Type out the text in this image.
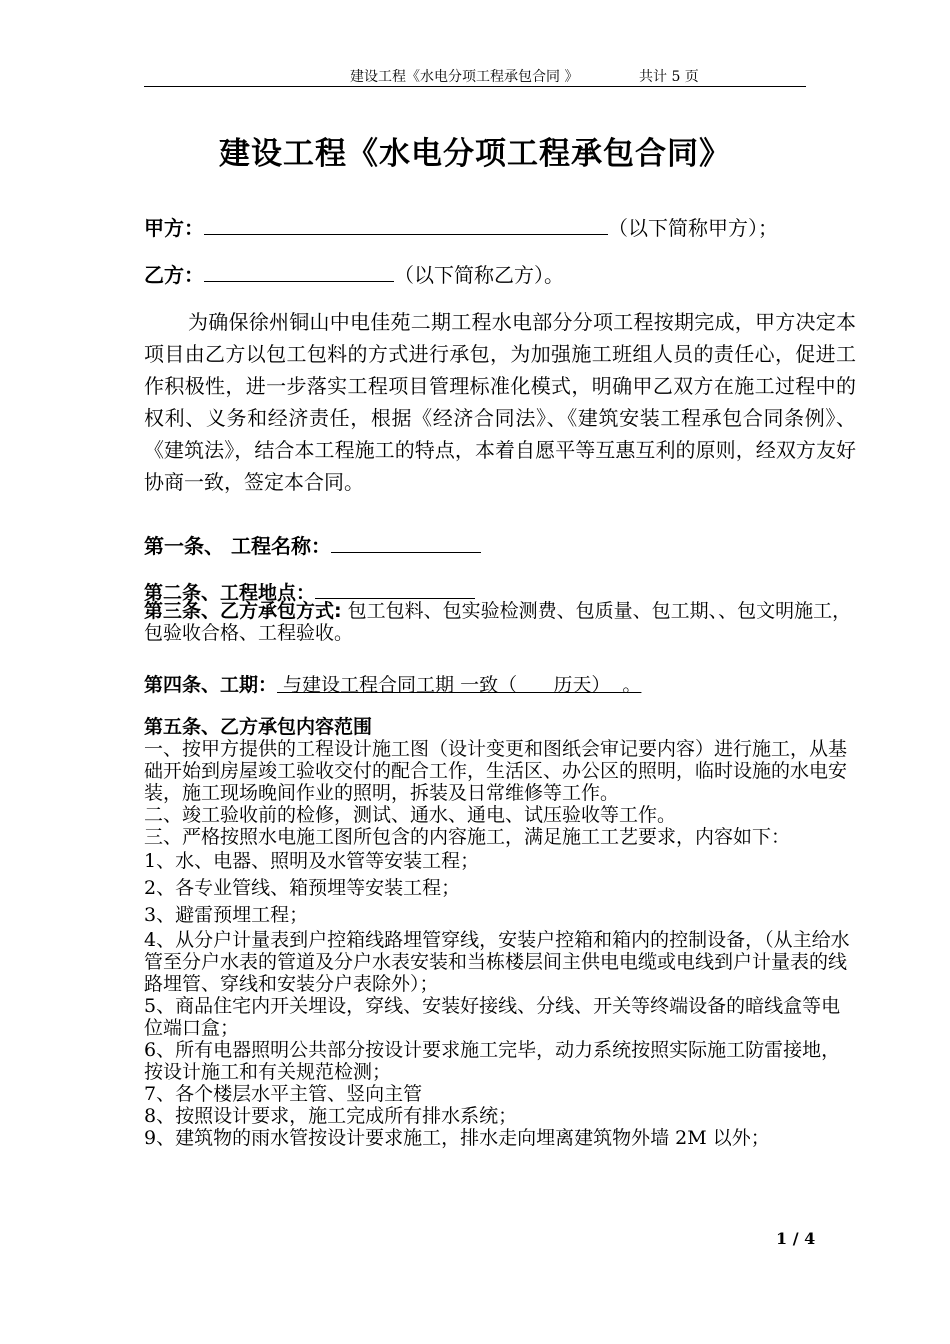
建设工程《水电分项工程承包合同 》	共计 5 页
建设工程《水电分项工程承包合同》
甲方：	（以下简称甲方）；
乙方：	（以下简称乙方）。
为确保徐州铜山中电佳苑二期工程水电部分分项工程按期完成，甲方决定本项目由乙方以包工包料的方式进行承包，为加强施工班组人员的责任心，促进工作积极性，进一步落实工程项目管理标准化模式，明确甲乙双方在施工过程中的权利、义务和经济责任，根据《经济合同法》、《建筑安装工程承包合同条例》、《建筑法》，结合本工程施工的特点，本着自愿平等互惠互利的原则，经双方友好协商一致，签定本合同。
第一条、 工程名称：
第二条、工程地点：
第三条、乙方承包方式: 包工包料、包实验检测费、包质量、包工期、、包文明施工，包验收合格、工程验收。
第四条、工期： 与建设工程合同工期 一致（      历天）  。
第五条、乙方承包内容范围
一、按甲方提供的工程设计施工图（设计变更和图纸会审记要内容）进行施工，从基础开始到房屋竣工验收交付的配合工作，生活区、办公区的照明，临时设施的水电安装，施工现场晚间作业的照明，拆装及日常维修等工作。
二、竣工验收前的检修，测试、通水、通电、试压验收等工作。
三、严格按照水电施工图所包含的内容施工，满足施工工艺要求，内容如下：
1、水、电器、照明及水管等安装工程；
2、各专业管线、箱预埋等安装工程；
3、避雷预埋工程；
4、从分户计量表到户控箱线路埋管穿线，安装户控箱和箱内的控制设备，（从主给水管至分户水表的管道及分户水表安装和当栋楼层间主供电电缆或电线到户计量表的线路埋管、穿线和安装分户表除外）；
5、商品住宅内开关埋设，穿线、安装好接线、分线、开关等终端设备的暗线盒等电位端口盒；
6、所有电器照明公共部分按设计要求施工完毕，动力系统按照实际施工防雷接地，按设计施工和有关规范检测；
7、各个楼层水平主管、竖向主管
8、按照设计要求，施工完成所有排水系统；
9、建筑物的雨水管按设计要求施工，排水走向埋离建筑物外墙 2M 以外；
1 / 4
